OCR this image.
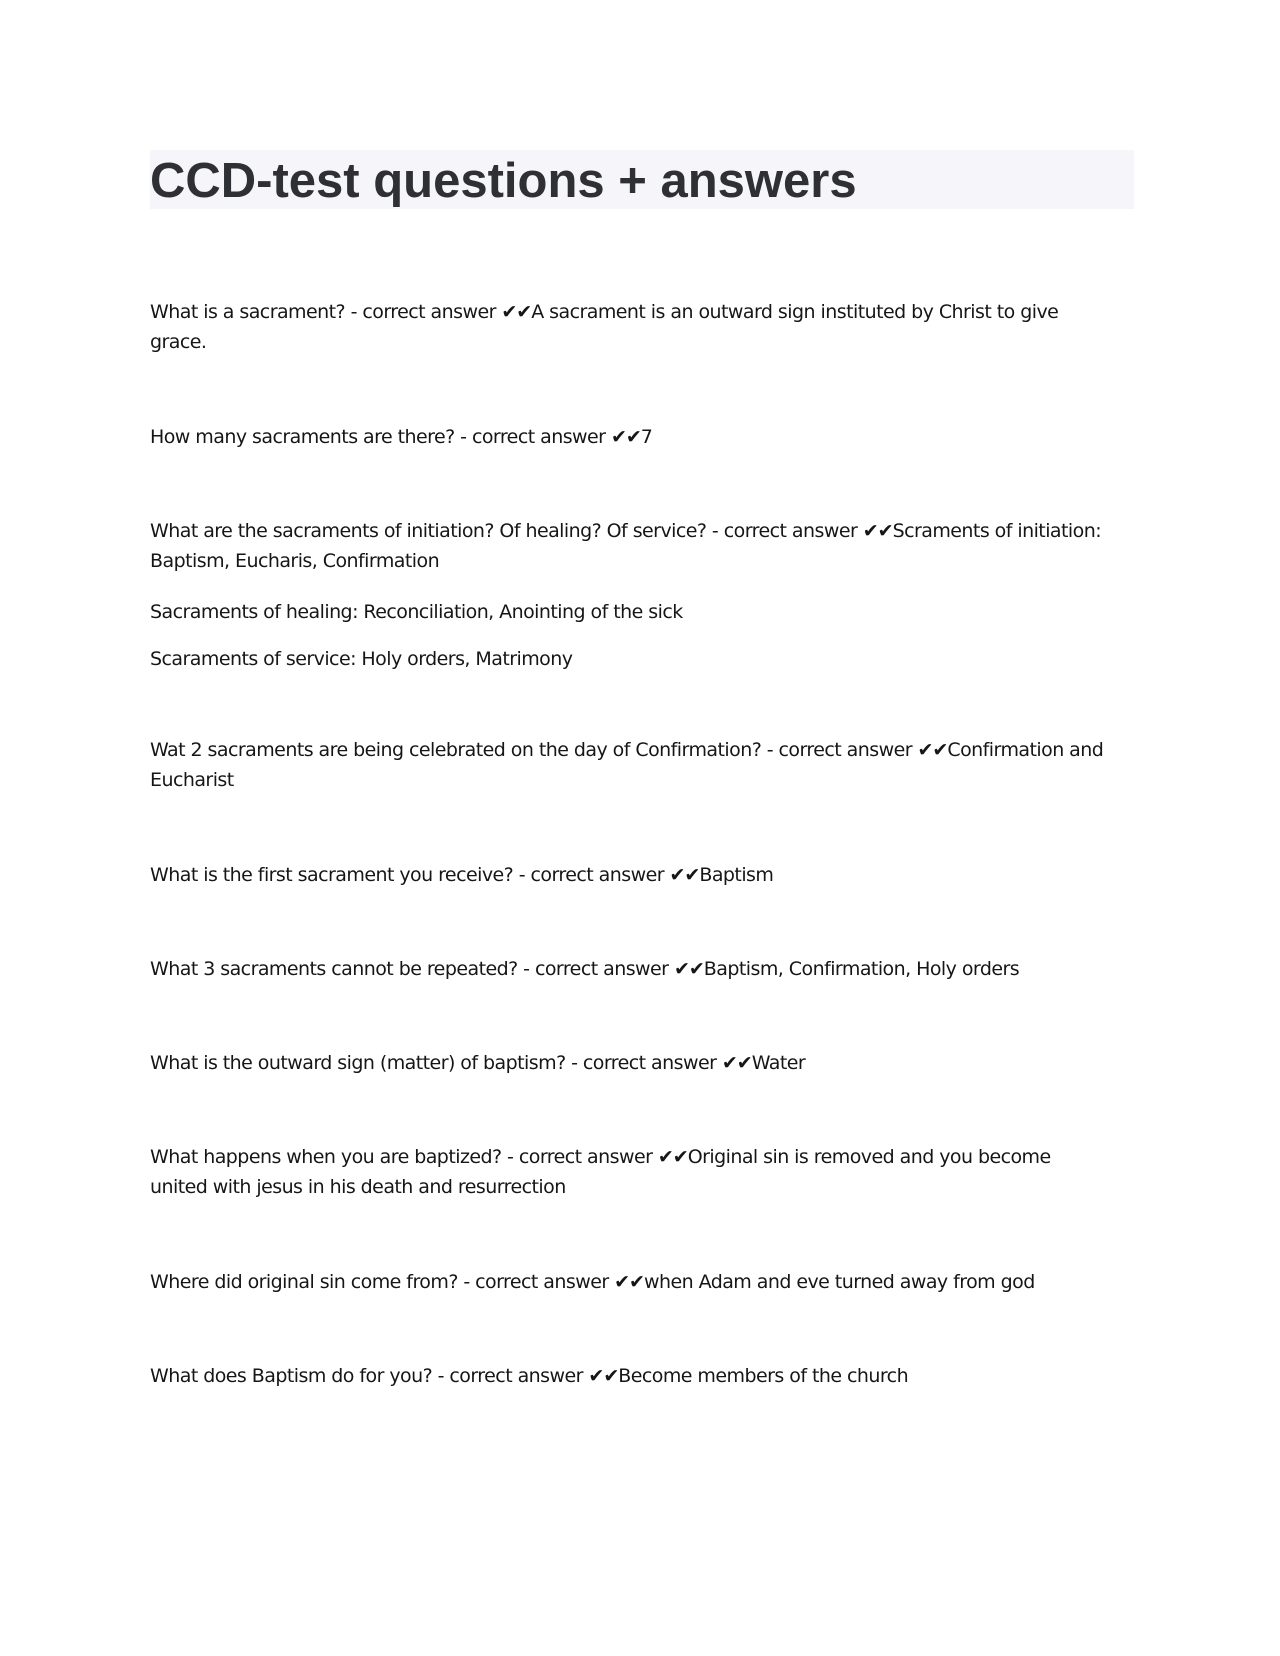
CCD-test questions + answers

What is a sacrament? - correct answer ✔✔A sacrament is an outward sign instituted by Christ to give grace.

How many sacraments are there? - correct answer ✔✔7

What are the sacraments of initiation? Of healing? Of service? - correct answer ✔✔Scraments of initiation: Baptism, Eucharis, Confirmation

Sacraments of healing: Reconciliation, Anointing of the sick

Scaraments of service: Holy orders, Matrimony

Wat 2 sacraments are being celebrated on the day of Confirmation? - correct answer ✔✔Confirmation and Eucharist

What is the first sacrament you receive? - correct answer ✔✔Baptism

What 3 sacraments cannot be repeated? - correct answer ✔✔Baptism, Confirmation, Holy orders

What is the outward sign (matter) of baptism? - correct answer ✔✔Water

What happens when you are baptized? - correct answer ✔✔Original sin is removed and you become united with jesus in his death and resurrection

Where did original sin come from? - correct answer ✔✔when Adam and eve turned away from god

What does Baptism do for you? - correct answer ✔✔Become members of the church
